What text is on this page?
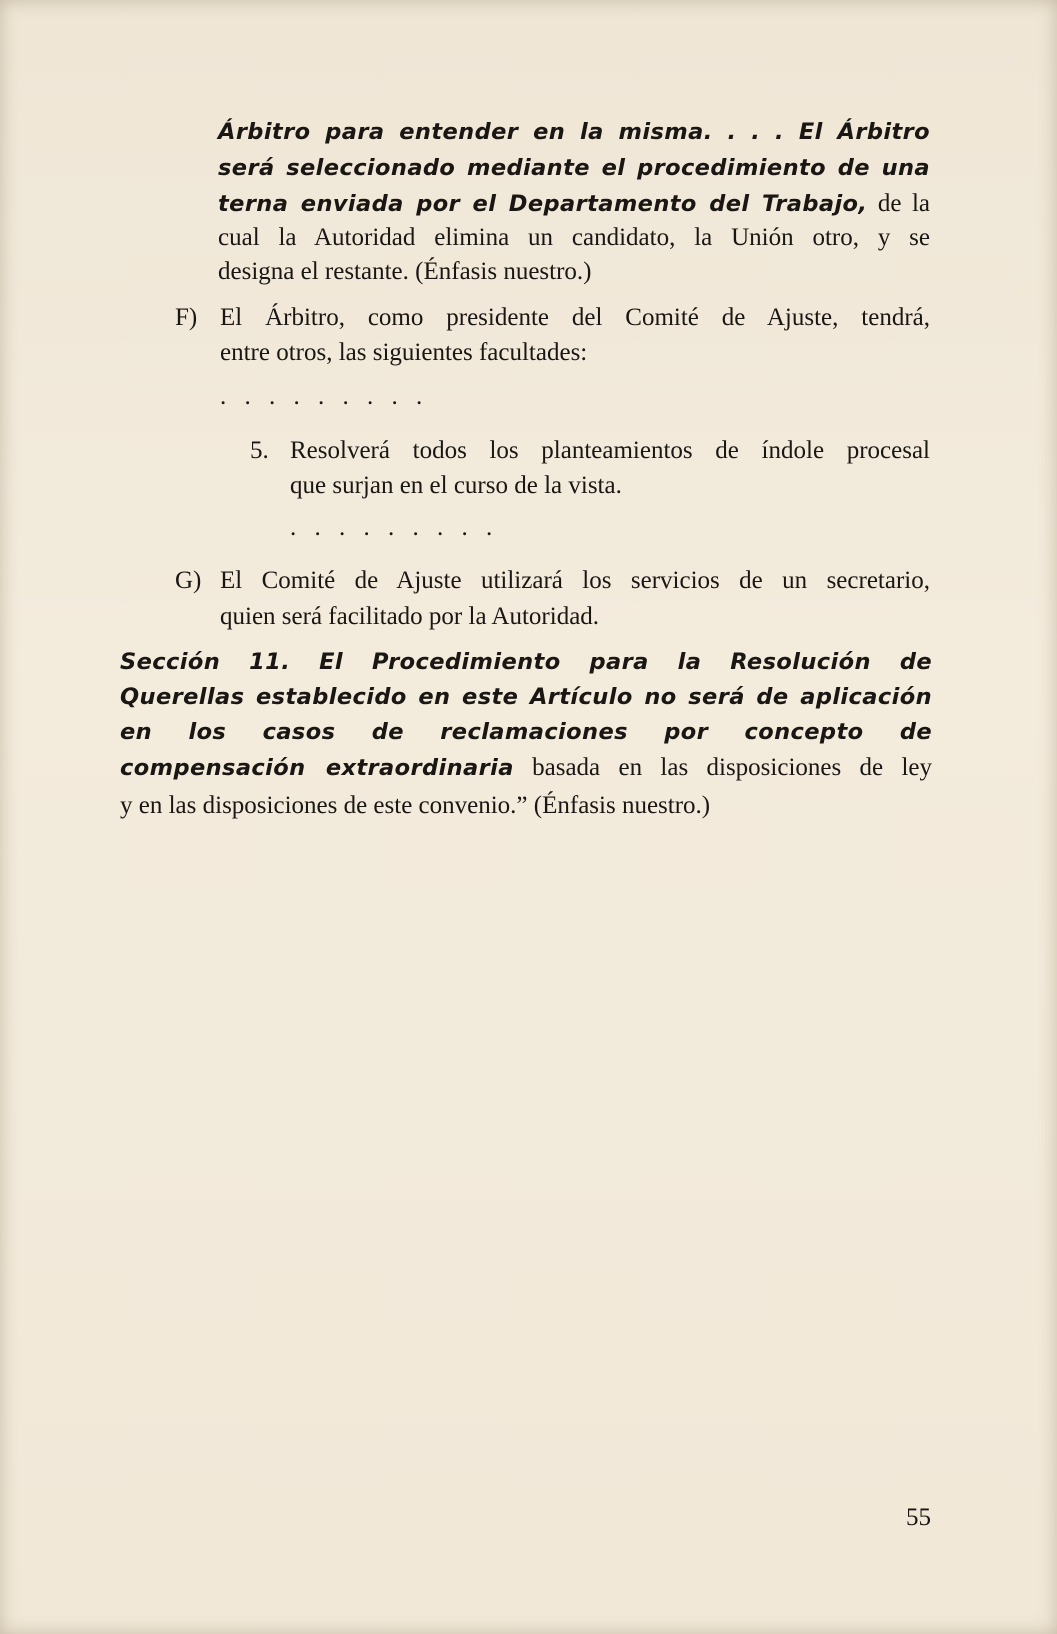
Árbitro para entender en la misma. . . . El Árbitro
será seleccionado mediante el procedimiento de una
terna enviada por el Departamento del Trabajo, de la
cual la Autoridad elimina un candidato, la Unión otro, y se
designa el restante. (Énfasis nuestro.)
F) El Árbitro, como presidente del Comité de Ajuste, tendrá,
entre otros, las siguientes facultades:
. . . . . . . . .
5. Resolverá todos los planteamientos de índole procesal
que surjan en el curso de la vista.
. . . . . . . . .
G) El Comité de Ajuste utilizará los servicios de un secretario,
quien será facilitado por la Autoridad.
Sección 11. El Procedimiento para la Resolución de
Querellas establecido en este Artículo no será de aplicación
en los casos de reclamaciones por concepto de
compensación extraordinaria basada en las disposiciones de ley
y en las disposiciones de este convenio.” (Énfasis nuestro.)
55
